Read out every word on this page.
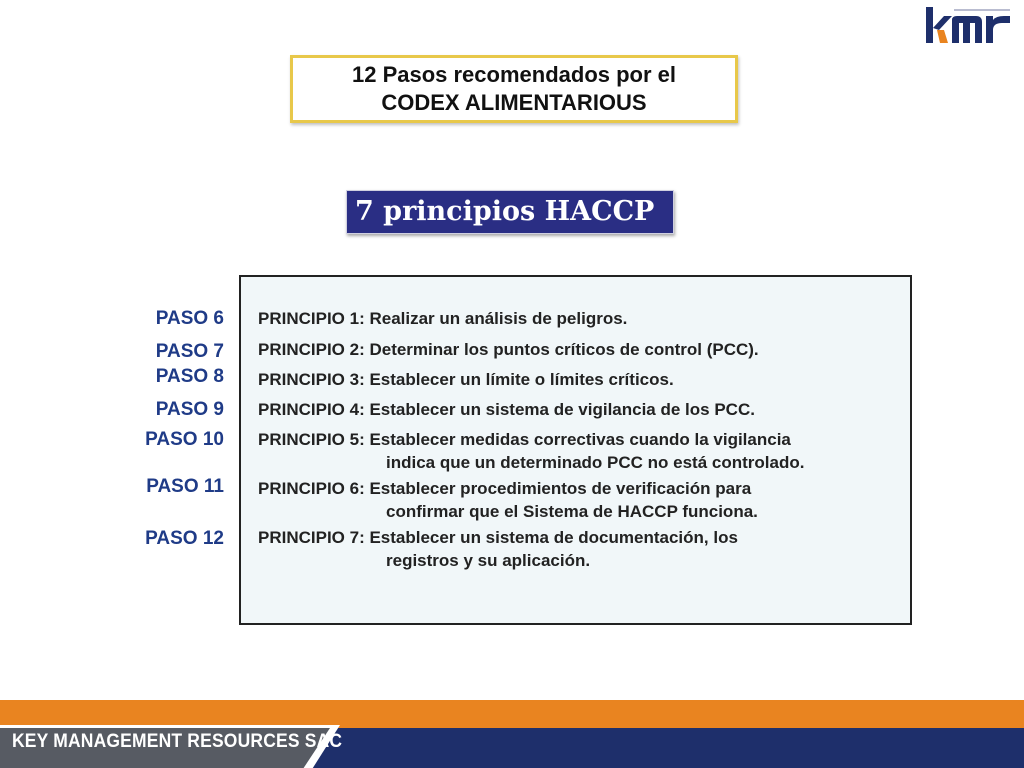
12 Pasos recomendados por el
CODEX ALIMENTARIOUS
7 principios HACCP
PASO 6
PASO 7
PASO 8
PASO 9
PASO 10
PASO 11
PASO 12
PRINCIPIO 1: Realizar un análisis de peligros.
PRINCIPIO 2: Determinar los puntos críticos de control (PCC).
PRINCIPIO 3: Establecer un límite o límites críticos.
PRINCIPIO 4: Establecer un sistema de vigilancia de los PCC.
PRINCIPIO 5: Establecer medidas correctivas cuando la vigilancia
indica que un determinado PCC no está controlado.
PRINCIPIO 6: Establecer procedimientos de verificación para
confirmar que el Sistema de HACCP funciona.
PRINCIPIO 7: Establecer un sistema de documentación, los
registros y su aplicación.
KEY MANAGEMENT RESOURCES SAC
